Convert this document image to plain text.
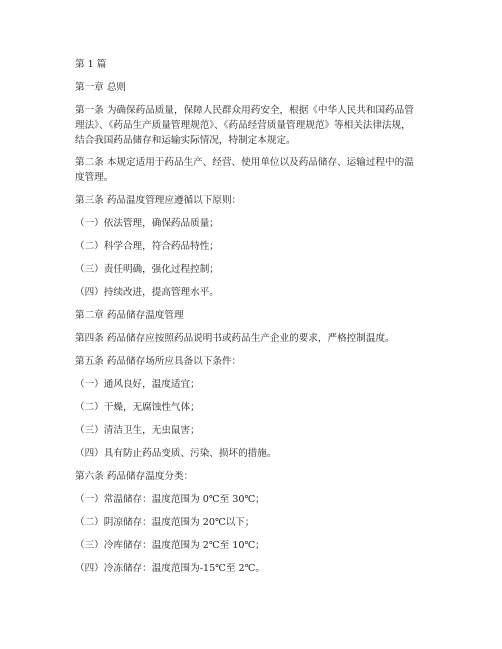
第 1 篇
第一章 总则
第一条 为确保药品质量，保障人民群众用药安全，根据《中华人民共和国药品管
理法》、《药品生产质量管理规范》、《药品经营质量管理规范》等相关法律法规，
结合我国药品储存和运输实际情况，特制定本规定。
第二条 本规定适用于药品生产、经营、使用单位以及药品储存、运输过程中的温
度管理。
第三条 药品温度管理应遵循以下原则：
（一）依法管理，确保药品质量；
（二）科学合理，符合药品特性；
（三）责任明确，强化过程控制；
（四）持续改进，提高管理水平。
第二章 药品储存温度管理
第四条 药品储存应按照药品说明书或药品生产企业的要求，严格控制温度。
第五条 药品储存场所应具备以下条件：
（一）通风良好，温度适宜；
（二）干燥，无腐蚀性气体；
（三）清洁卫生，无虫鼠害；
（四）具有防止药品变质、污染、损坏的措施。
第六条 药品储存温度分类：
（一）常温储存：温度范围为 0℃至 30℃；
（二）阴凉储存：温度范围为 20℃以下；
（三）冷库储存：温度范围为 2℃至 10℃；
（四）冷冻储存：温度范围为-15℃至 2℃。
